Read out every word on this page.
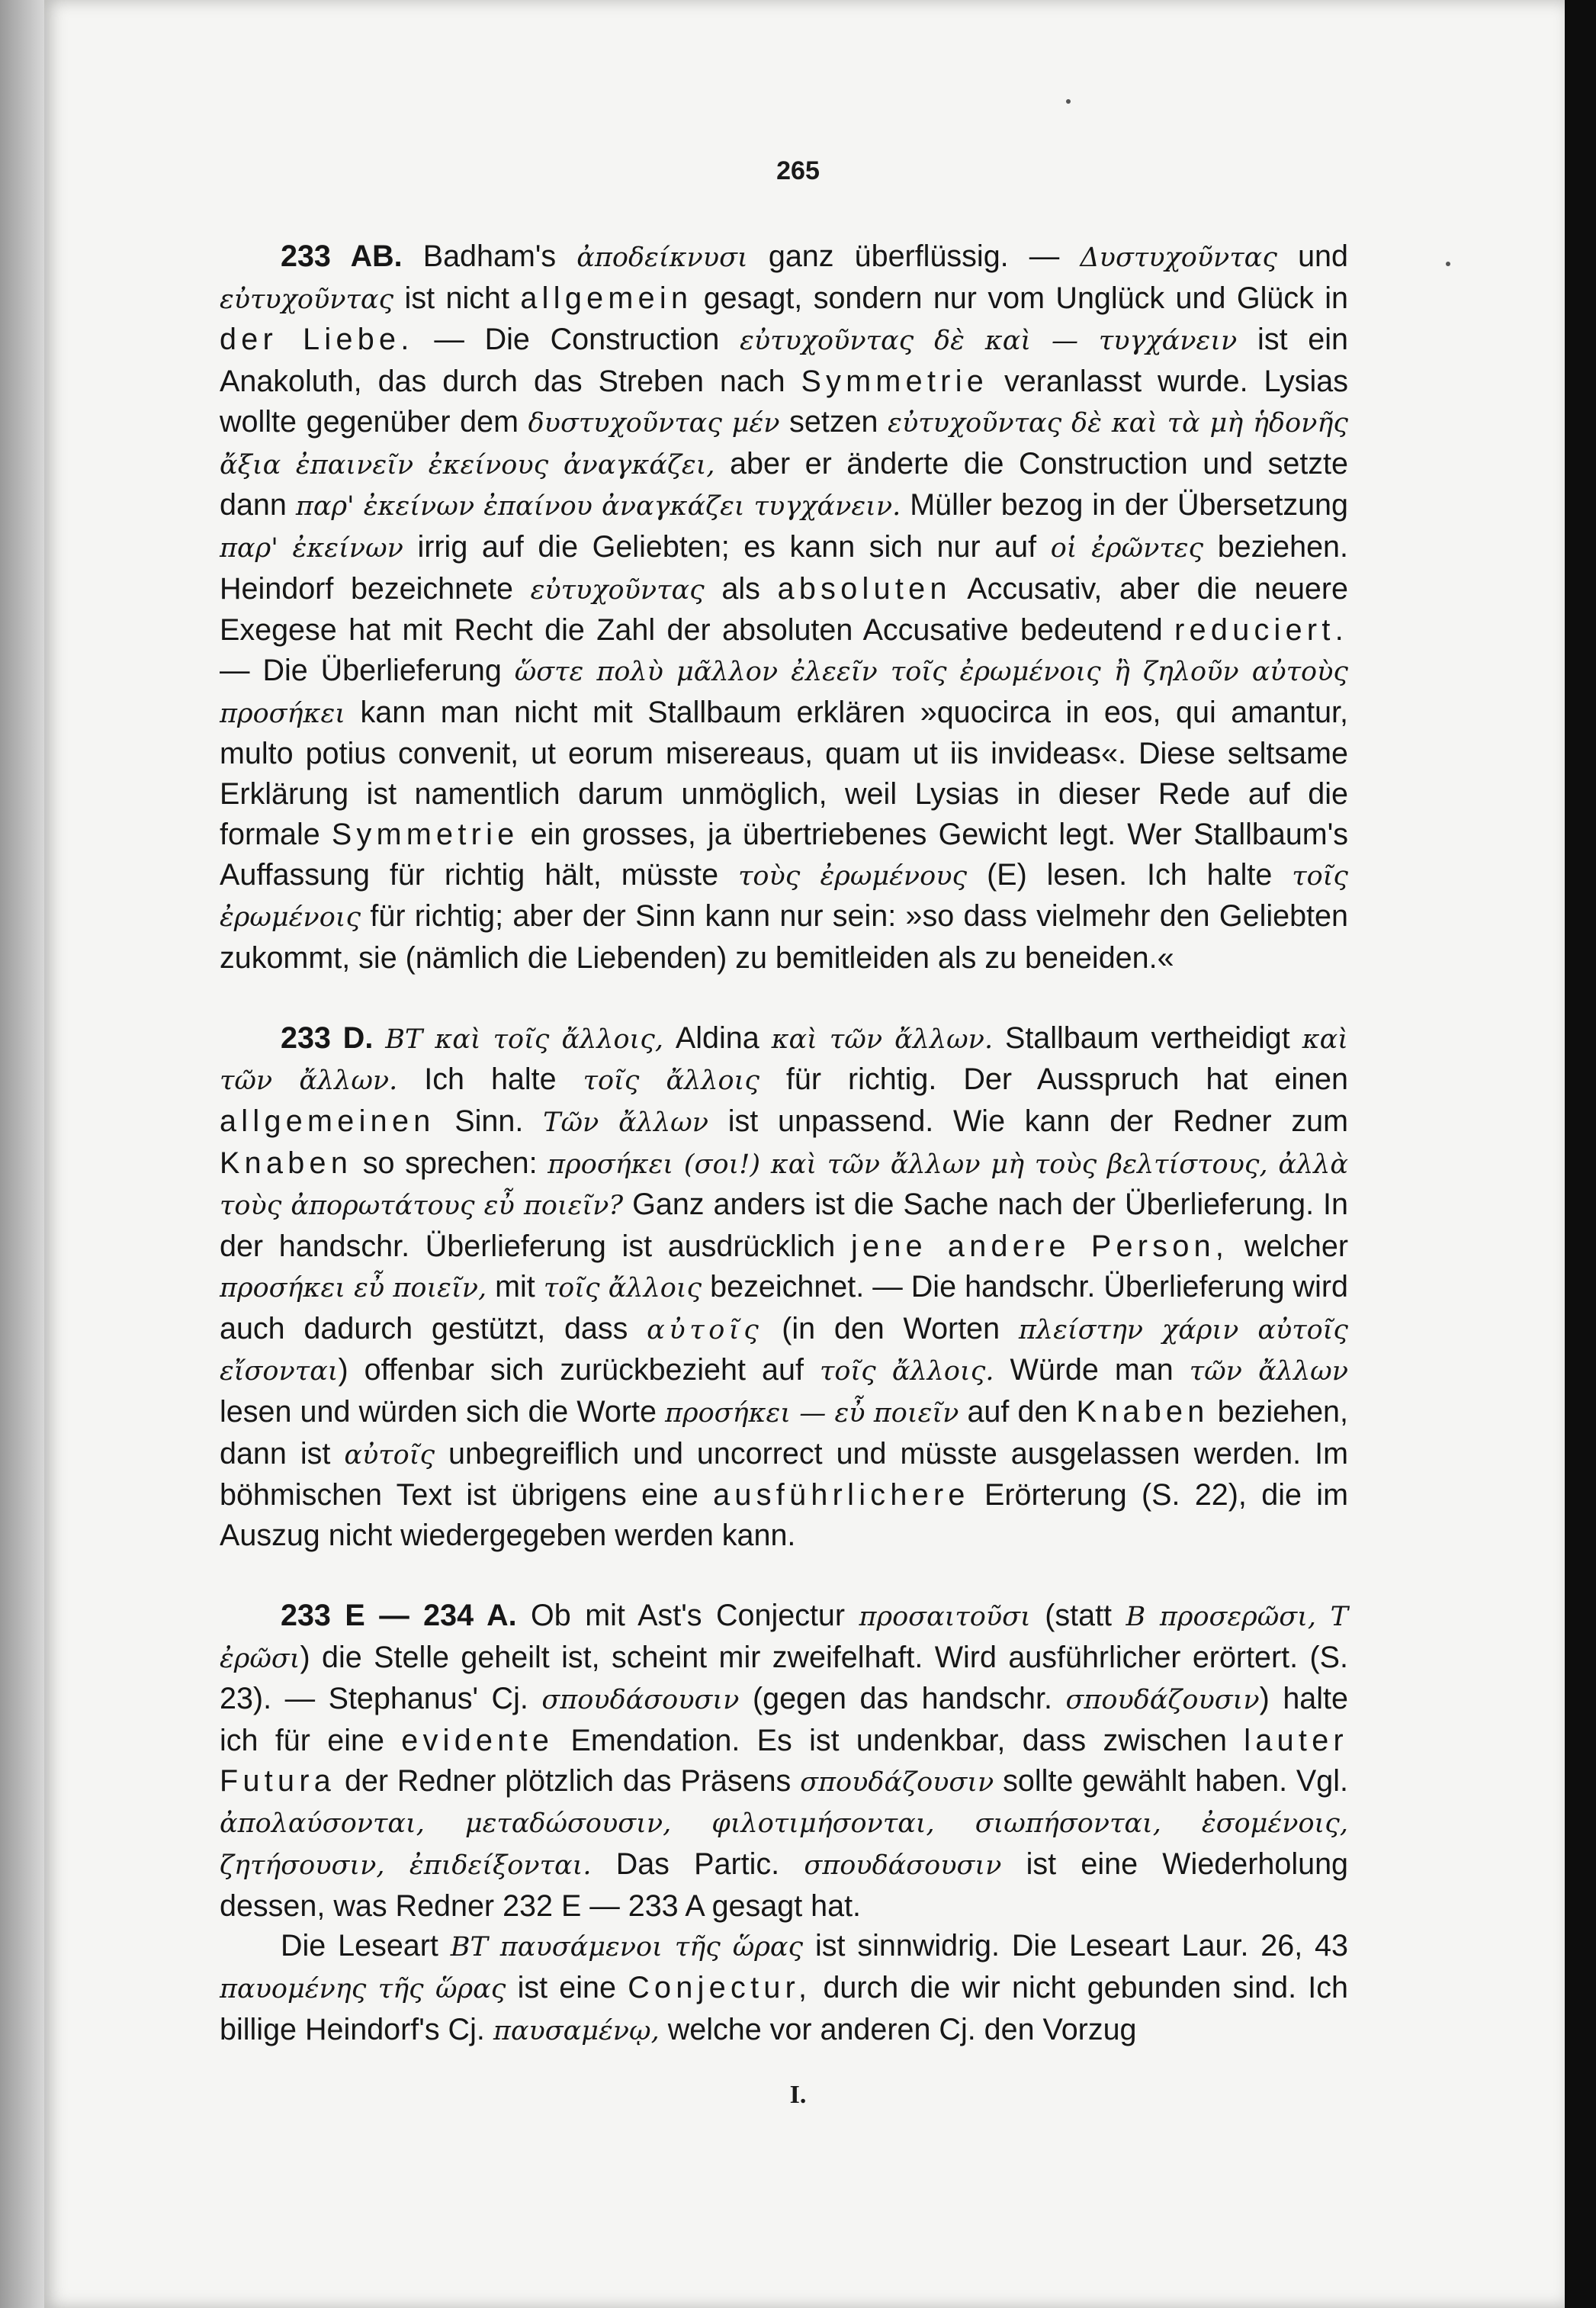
265

233 AB. Badham's ἀποδείκνυσι ganz überflüssig. — Δυστυχοῦντας und εὐτυχοῦντας ist nicht allgemein gesagt, sondern nur vom Unglück und Glück in der Liebe. — Die Construction εὐτυχοῦντας δὲ καὶ — τυγχάνειν ist ein Anakoluth, das durch das Streben nach Symmetrie veranlasst wurde. Lysias wollte gegenüber dem δυστυχοῦντας μέν setzen εὐτυχοῦντας δὲ καὶ τὰ μὴ ἡδονῆς ἄξια ἐπαινεῖν ἐκείνους ἀναγκάζει, aber er änderte die Construction und setzte dann παρ' ἐκείνων ἐπαίνου ἀναγκάζει τυγχάνειν. Müller bezog in der Übersetzung παρ' ἐκείνων irrig auf die Geliebten; es kann sich nur auf οἱ ἐρῶντες beziehen. Heindorf bezeichnete εὐτυχοῦντας als absoluten Accusativ, aber die neuere Exegese hat mit Recht die Zahl der absoluten Accusative bedeutend reduciert. — Die Überlieferung ὥστε πολὺ μᾶλλον ἐλεεῖν τοῖς ἐρωμένοις ἢ ζηλοῦν αὐτοὺς προσήκει kann man nicht mit Stallbaum erklären »quocirca in eos, qui amantur, multo potius convenit, ut eorum misereaus, quam ut iis invideas«. Diese seltsame Erklärung ist namentlich darum unmöglich, weil Lysias in dieser Rede auf die formale Symmetrie ein grosses, ja übertriebenes Gewicht legt. Wer Stallbaum's Auffassung für richtig hält, müsste τοὺς ἐρωμένους (E) lesen. Ich halte τοῖς ἐρωμένοις für richtig; aber der Sinn kann nur sein: »so dass vielmehr den Geliebten zukommt, sie (nämlich die Liebenden) zu bemitleiden als zu beneiden.«

233 D. BT καὶ τοῖς ἄλλοις, Aldina καὶ τῶν ἄλλων. Stallbaum vertheidigt καὶ τῶν ἄλλων. Ich halte τοῖς ἄλλοις für richtig. Der Ausspruch hat einen allgemeinen Sinn. Τῶν ἄλλων ist unpassend. Wie kann der Redner zum Knaben so sprechen: προσήκει (σοι!) καὶ τῶν ἄλλων μὴ τοὺς βελτίστους, ἀλλὰ τοὺς ἀπορωτάτους εὖ ποιεῖν? Ganz anders ist die Sache nach der Überlieferung. In der handschr. Überlieferung ist ausdrücklich jene andere Person, welcher προσήκει εὖ ποιεῖν, mit τοῖς ἄλλοις bezeichnet. — Die handschr. Überlieferung wird auch dadurch gestützt, dass αὐτοῖς (in den Worten πλείστην χάριν αὐτοῖς εἴσονται) offenbar sich zurückbezieht auf τοῖς ἄλλοις. Würde man τῶν ἄλλων lesen und würden sich die Worte προσήκει — εὖ ποιεῖν auf den Knaben beziehen, dann ist αὐτοῖς unbegreiflich und uncorrect und müsste ausgelassen werden. Im böhmischen Text ist übrigens eine ausführlichere Erörterung (S. 22), die im Auszug nicht wiedergegeben werden kann.

233 E — 234 A. Ob mit Ast's Conjectur προσαιτοῦσι (statt B προσερῶσι, T ἐρῶσι) die Stelle geheilt ist, scheint mir zweifelhaft. Wird ausführlicher erörtert. (S. 23). — Stephanus' Cj. σπουδάσουσιν (gegen das handschr. σπουδάζουσιν) halte ich für eine evidente Emendation. Es ist undenkbar, dass zwischen lauter Futura der Redner plötzlich das Präsens σπουδάζουσιν sollte gewählt haben. Vgl. ἀπολαύσονται, μεταδώσουσιν, φιλοτιμήσονται, σιωπήσονται, ἐσομένοις, ζητήσουσιν, ἐπιδείξονται. Das Partic. σπουδάσουσιν ist eine Wiederholung dessen, was Redner 232 E — 233 A gesagt hat.

Die Leseart BT παυσάμενοι τῆς ὥρας ist sinnwidrig. Die Leseart Laur. 26, 43 παυομένης τῆς ὥρας ist eine Conjectur, durch die wir nicht gebunden sind. Ich billige Heindorf's Cj. παυσαμένῳ, welche vor anderen Cj. den Vorzug

I.
